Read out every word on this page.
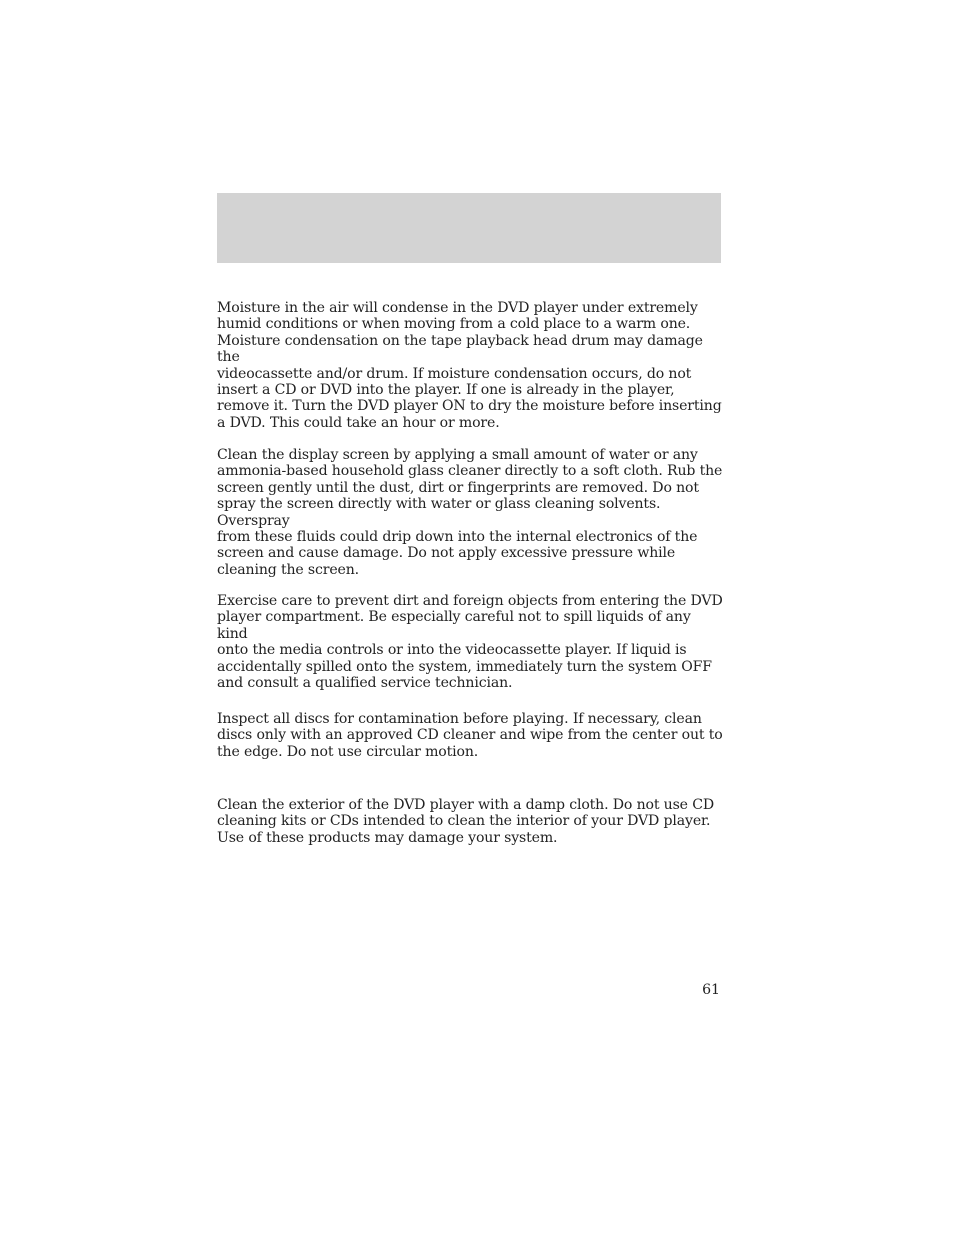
Moisture in the air will condense in the DVD player under extremely
humid conditions or when moving from a cold place to a warm one.
Moisture condensation on the tape playback head drum may damage the
videocassette and/or drum. If moisture condensation occurs, do not
insert a CD or DVD into the player. If one is already in the player,
remove it. Turn the DVD player ON to dry the moisture before inserting
a DVD. This could take an hour or more.

Clean the display screen by applying a small amount of water or any
ammonia-based household glass cleaner directly to a soft cloth. Rub the
screen gently until the dust, dirt or fingerprints are removed. Do not
spray the screen directly with water or glass cleaning solvents. Overspray
from these fluids could drip down into the internal electronics of the
screen and cause damage. Do not apply excessive pressure while
cleaning the screen.

Exercise care to prevent dirt and foreign objects from entering the DVD
player compartment. Be especially careful not to spill liquids of any kind
onto the media controls or into the videocassette player. If liquid is
accidentally spilled onto the system, immediately turn the system OFF
and consult a qualified service technician.

Inspect all discs for contamination before playing. If necessary, clean
discs only with an approved CD cleaner and wipe from the center out to
the edge. Do not use circular motion.

Clean the exterior of the DVD player with a damp cloth. Do not use CD
cleaning kits or CDs intended to clean the interior of your DVD player.
Use of these products may damage your system.

61
